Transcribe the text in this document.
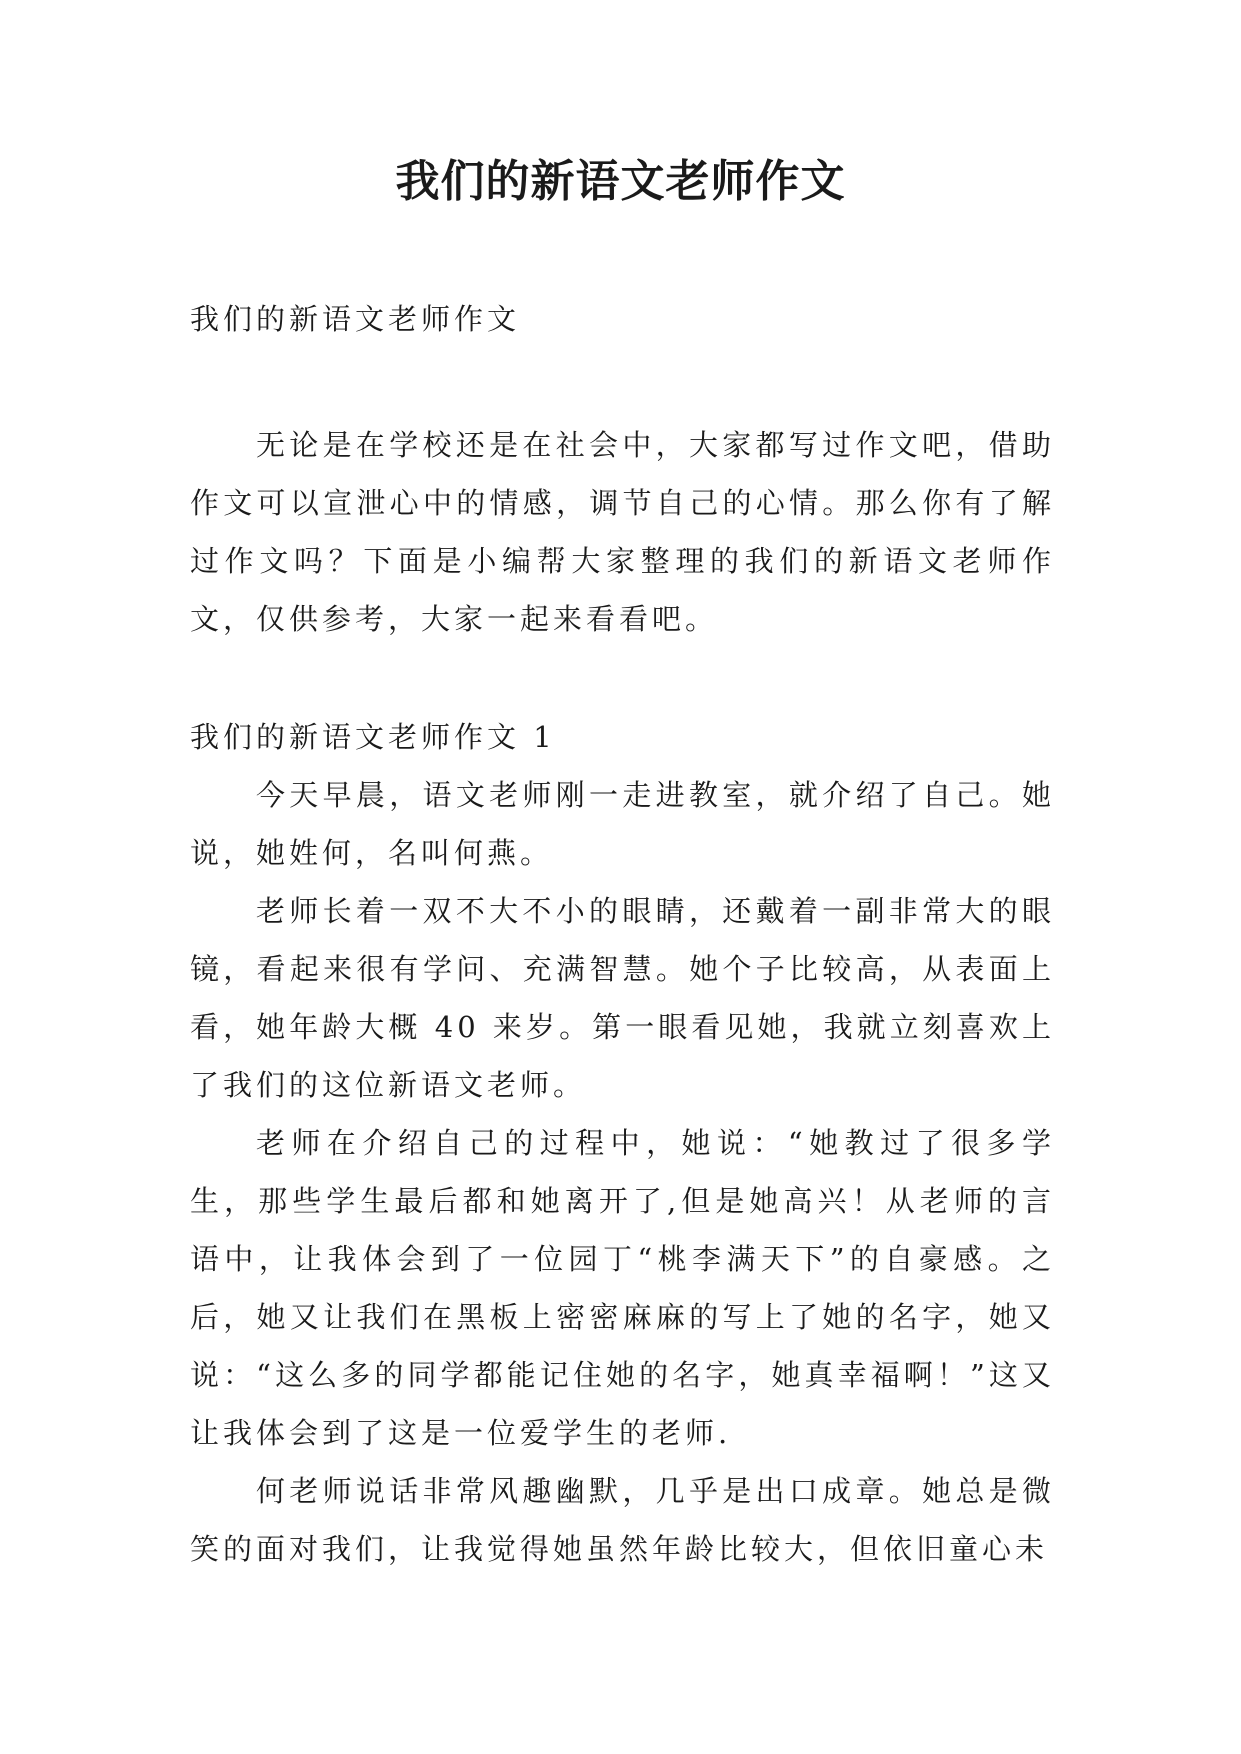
我们的新语文老师作文

我们的新语文老师作文

无论是在学校还是在社会中，大家都写过作文吧，借助作文可以宣泄心中的情感，调节自己的心情。那么你有了解过作文吗？下面是小编帮大家整理的我们的新语文老师作文，仅供参考，大家一起来看看吧。

我们的新语文老师作文 1

今天早晨，语文老师刚一走进教室，就介绍了自己。她说，她姓何，名叫何燕。

老师长着一双不大不小的眼睛，还戴着一副非常大的眼镜，看起来很有学问、充满智慧。她个子比较高，从表面上看，她年龄大概 40 来岁。第一眼看见她，我就立刻喜欢上了我们的这位新语文老师。

老师在介绍自己的过程中，她说：“她教过了很多学生，那些学生最后都和她离开了,但是她高兴！从老师的言语中，让我体会到了一位园丁“桃李满天下”的自豪感。之后，她又让我们在黑板上密密麻麻的写上了她的名字，她又说：“这么多的同学都能记住她的名字，她真幸福啊！”这又让我体会到了这是一位爱学生的老师.

何老师说话非常风趣幽默，几乎是出口成章。她总是微笑的面对我们，让我觉得她虽然年龄比较大，但依旧童心未
